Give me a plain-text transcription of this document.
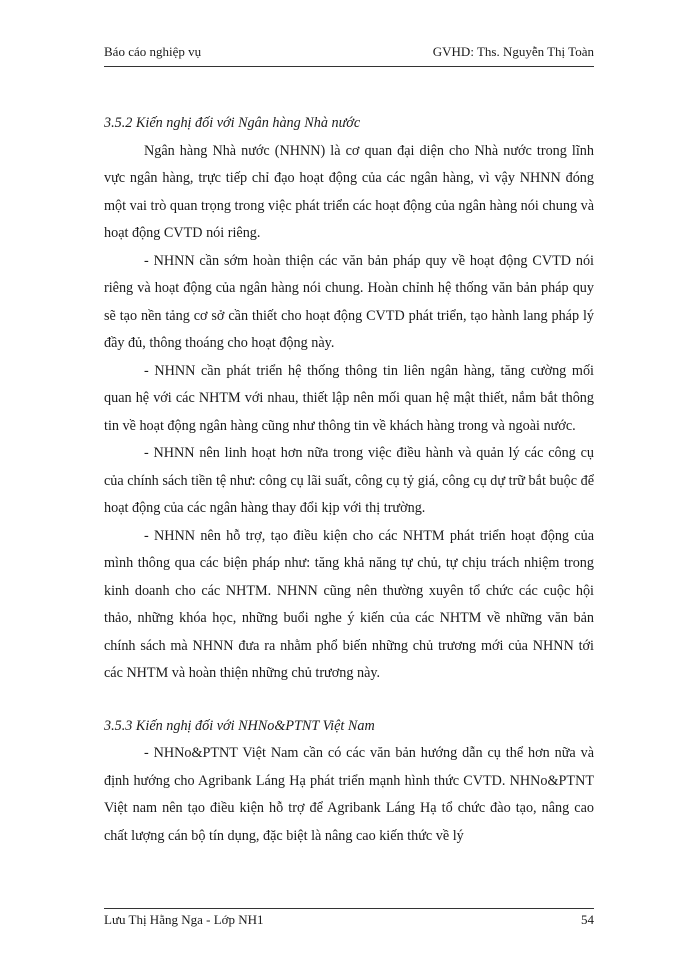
Báo cáo nghiệp vụ	GVHD: Ths. Nguyễn Thị Toàn

3.5.2 Kiến nghị đối với Ngân hàng Nhà nước

Ngân hàng Nhà nước (NHNN) là cơ quan đại diện cho Nhà nước trong lĩnh vực ngân hàng, trực tiếp chỉ đạo hoạt động của các ngân hàng, vì vậy NHNN đóng một vai trò quan trọng trong việc phát triển các hoạt động của ngân hàng nói chung và hoạt động CVTD nói riêng.

- NHNN cần sớm hoàn thiện các văn bản pháp quy về hoạt động CVTD nói riêng và hoạt động của ngân hàng nói chung. Hoàn chỉnh hệ thống văn bản pháp quy sẽ tạo nền tảng cơ sở cần thiết cho hoạt động CVTD phát triển, tạo hành lang pháp lý đầy đủ, thông thoáng cho hoạt động này.

- NHNN cần phát triển hệ thống thông tin liên ngân hàng, tăng cường mối quan hệ với các NHTM với nhau, thiết lập nên mối quan hệ mật thiết, nắm bắt thông tin về hoạt động ngân hàng cũng như thông tin về khách hàng trong và ngoài nước.

- NHNN nên linh hoạt hơn nữa trong việc điều hành và quản lý các công cụ của chính sách tiền tệ như: công cụ lãi suất, công cụ tỷ giá, công cụ dự trữ bắt buộc để hoạt động của các ngân hàng thay đổi kịp với thị trường.

- NHNN nên hỗ trợ, tạo điều kiện cho các NHTM phát triển hoạt động của mình thông qua các biện pháp như: tăng khả năng tự chủ, tự chịu trách nhiệm trong kinh doanh cho các NHTM. NHNN cũng nên thường xuyên tổ chức các cuộc hội thảo, những khóa học, những buổi nghe ý kiến của các NHTM về những văn bản chính sách mà NHNN đưa ra nhằm phổ biến những chủ trương mới của NHNN tới các NHTM và hoàn thiện những chủ trương này.

3.5.3 Kiến nghị đối với NHNo&PTNT Việt Nam

- NHNo&PTNT Việt Nam cần có các văn bản hướng dẫn cụ thể hơn nữa và định hướng cho Agribank Láng Hạ phát triển mạnh hình thức CVTD. NHNo&PTNT Việt nam nên tạo điều kiện hỗ trợ để Agribank Láng Hạ tổ chức đào tạo, nâng cao chất lượng cán bộ tín dụng, đặc biệt là nâng cao kiến thức về lý

Lưu Thị Hằng Nga - Lớp NH1	54
